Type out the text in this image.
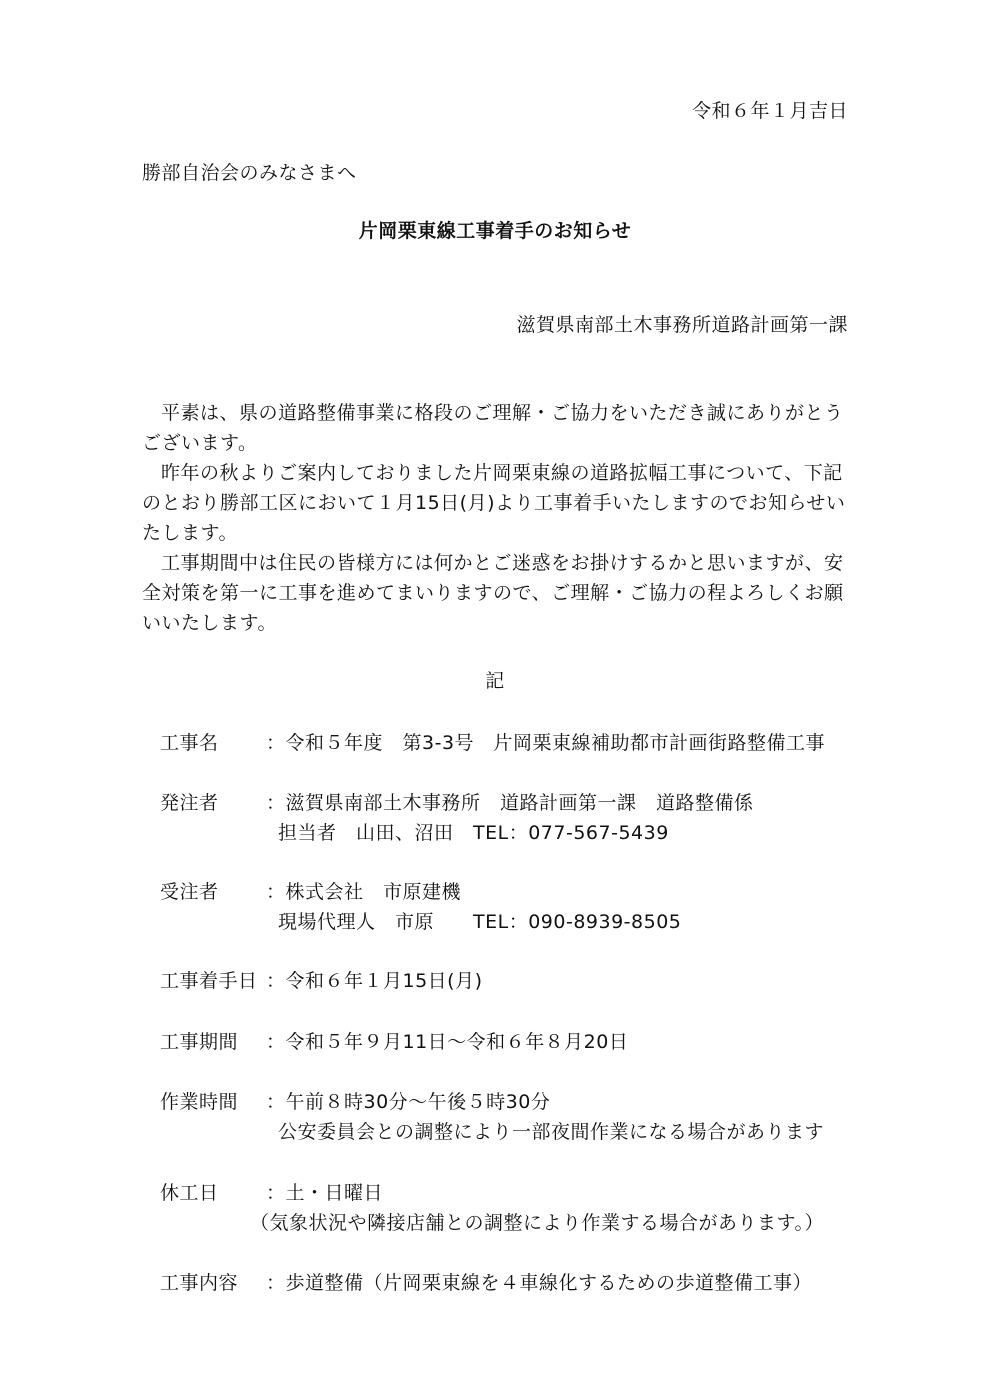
令和６年１月吉日
勝部自治会のみなさまへ
片岡栗東線工事着手のお知らせ
滋賀県南部土木事務所道路計画第一課

平素は、県の道路整備事業に格段のご理解・ご協力をいただき誠にありがとうございます。

昨年の秋よりご案内しておりました片岡栗東線の道路拡幅工事について、下記のとおり勝部工区において１月15日(月)より工事着手いたしますのでお知らせいたします。

工事期間中は住民の皆様方には何かとご迷惑をお掛けするかと思いますが、安全対策を第一に工事を進めてまいりますので、ご理解・ご協力の程よろしくお願いいたします。

記
工事名 ：令和５年度　第3-3号　片岡栗東線補助都市計画街路整備工事
発注者 ：滋賀県南部土木事務所　道路計画第一課　道路整備係
担当者　山田、沼田　TEL：077-567-5439
受注者 ：株式会社　市原建機
現場代理人　市原　　TEL：090-8939-8505
工事着手日 ：令和６年１月15日(月)
工事期間 ：令和５年９月11日～令和６年８月20日
作業時間 ：午前８時30分～午後５時30分
公安委員会との調整により一部夜間作業になる場合があります
休工日 ：土・日曜日
（気象状況や隣接店舗との調整により作業する場合があります。）
工事内容 ：歩道整備（片岡栗東線を４車線化するための歩道整備工事）
